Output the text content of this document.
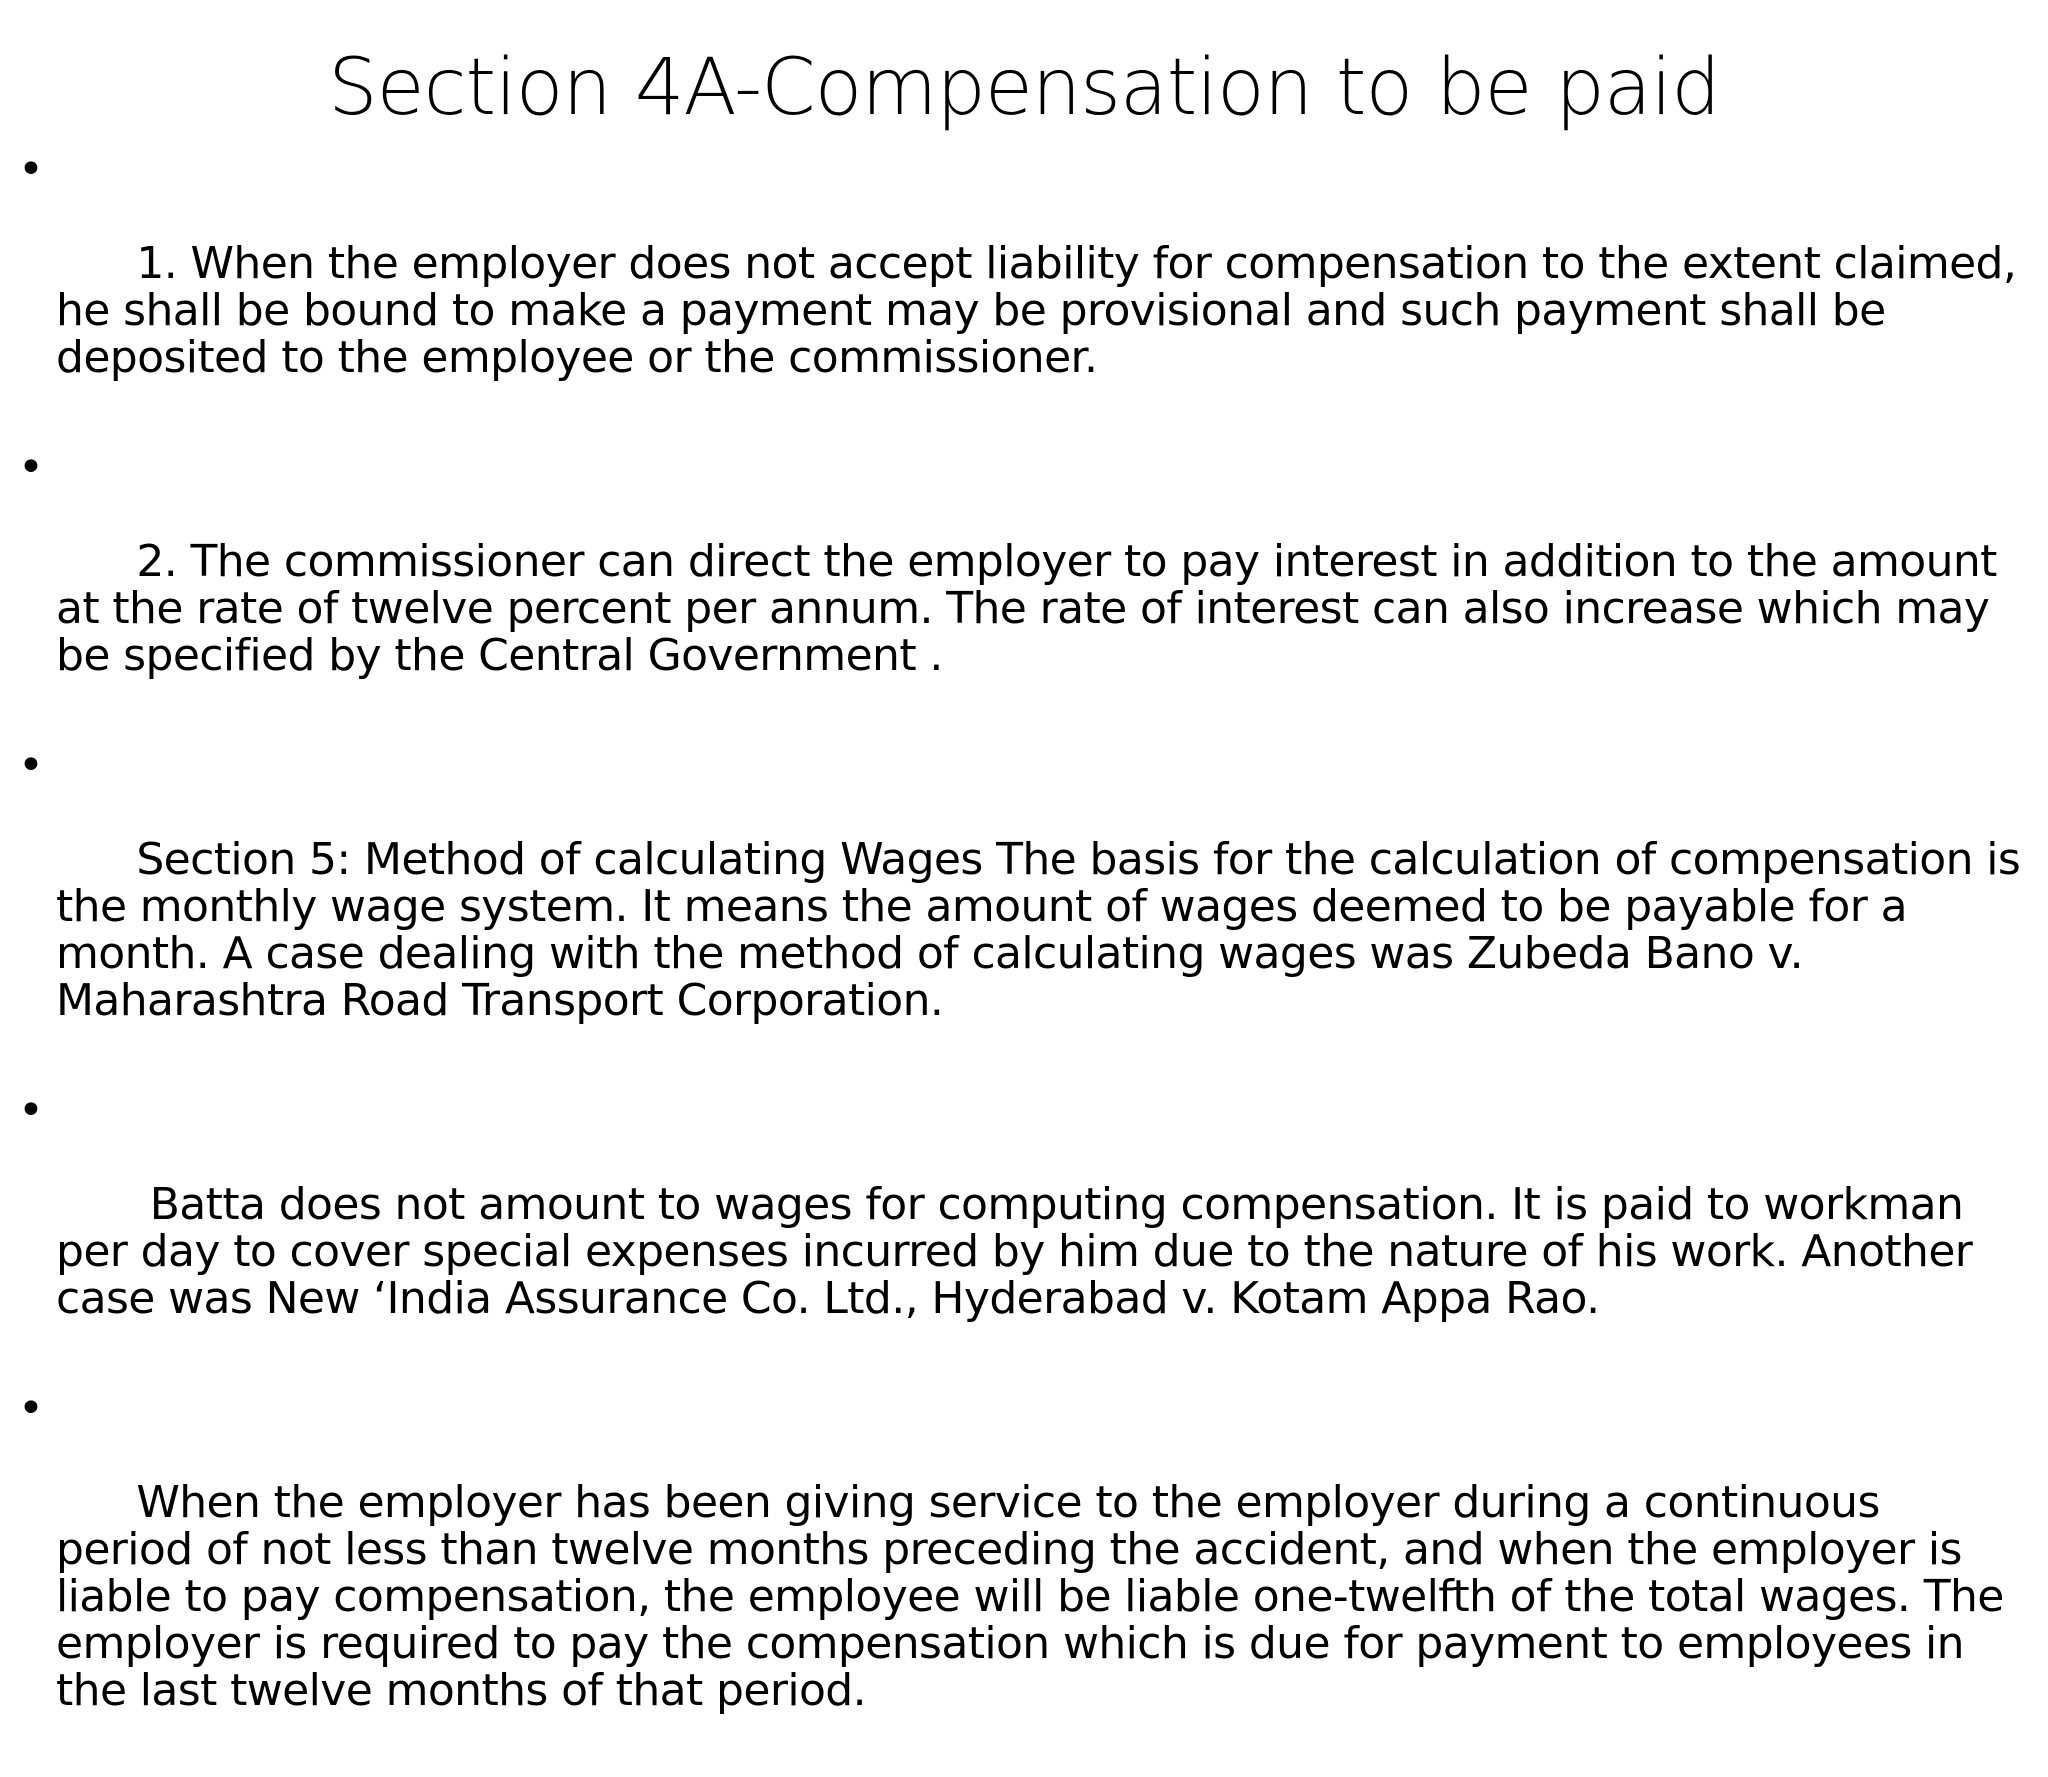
Section 4A-Compensation to be paid

•

1. When the employer does not accept liability for compensation to the extent claimed, he shall be bound to make a payment may be provisional and such payment shall be deposited to the employee or the commissioner.

•

2. The commissioner can direct the employer to pay interest in addition to the amount at the rate of twelve percent per annum. The rate of interest can also increase which may be specified by the Central Government .

•

Section 5: Method of calculating Wages The basis for the calculation of compensation is the monthly wage system. It means the amount of wages deemed to be payable for a month. A case dealing with the method of calculating wages was Zubeda Bano v. Maharashtra Road Transport Corporation.

•

Batta does not amount to wages for computing compensation. It is paid to workman per day to cover special expenses incurred by him due to the nature of his work. Another case was New ‘India Assurance Co. Ltd., Hyderabad v. Kotam Appa Rao.

•

When the employer has been giving service to the employer during a continuous period of not less than twelve months preceding the accident, and when the employer is liable to pay compensation, the employee will be liable one-twelfth of the total wages. The employer is required to pay the compensation which is due for payment to employees in the last twelve months of that period.
